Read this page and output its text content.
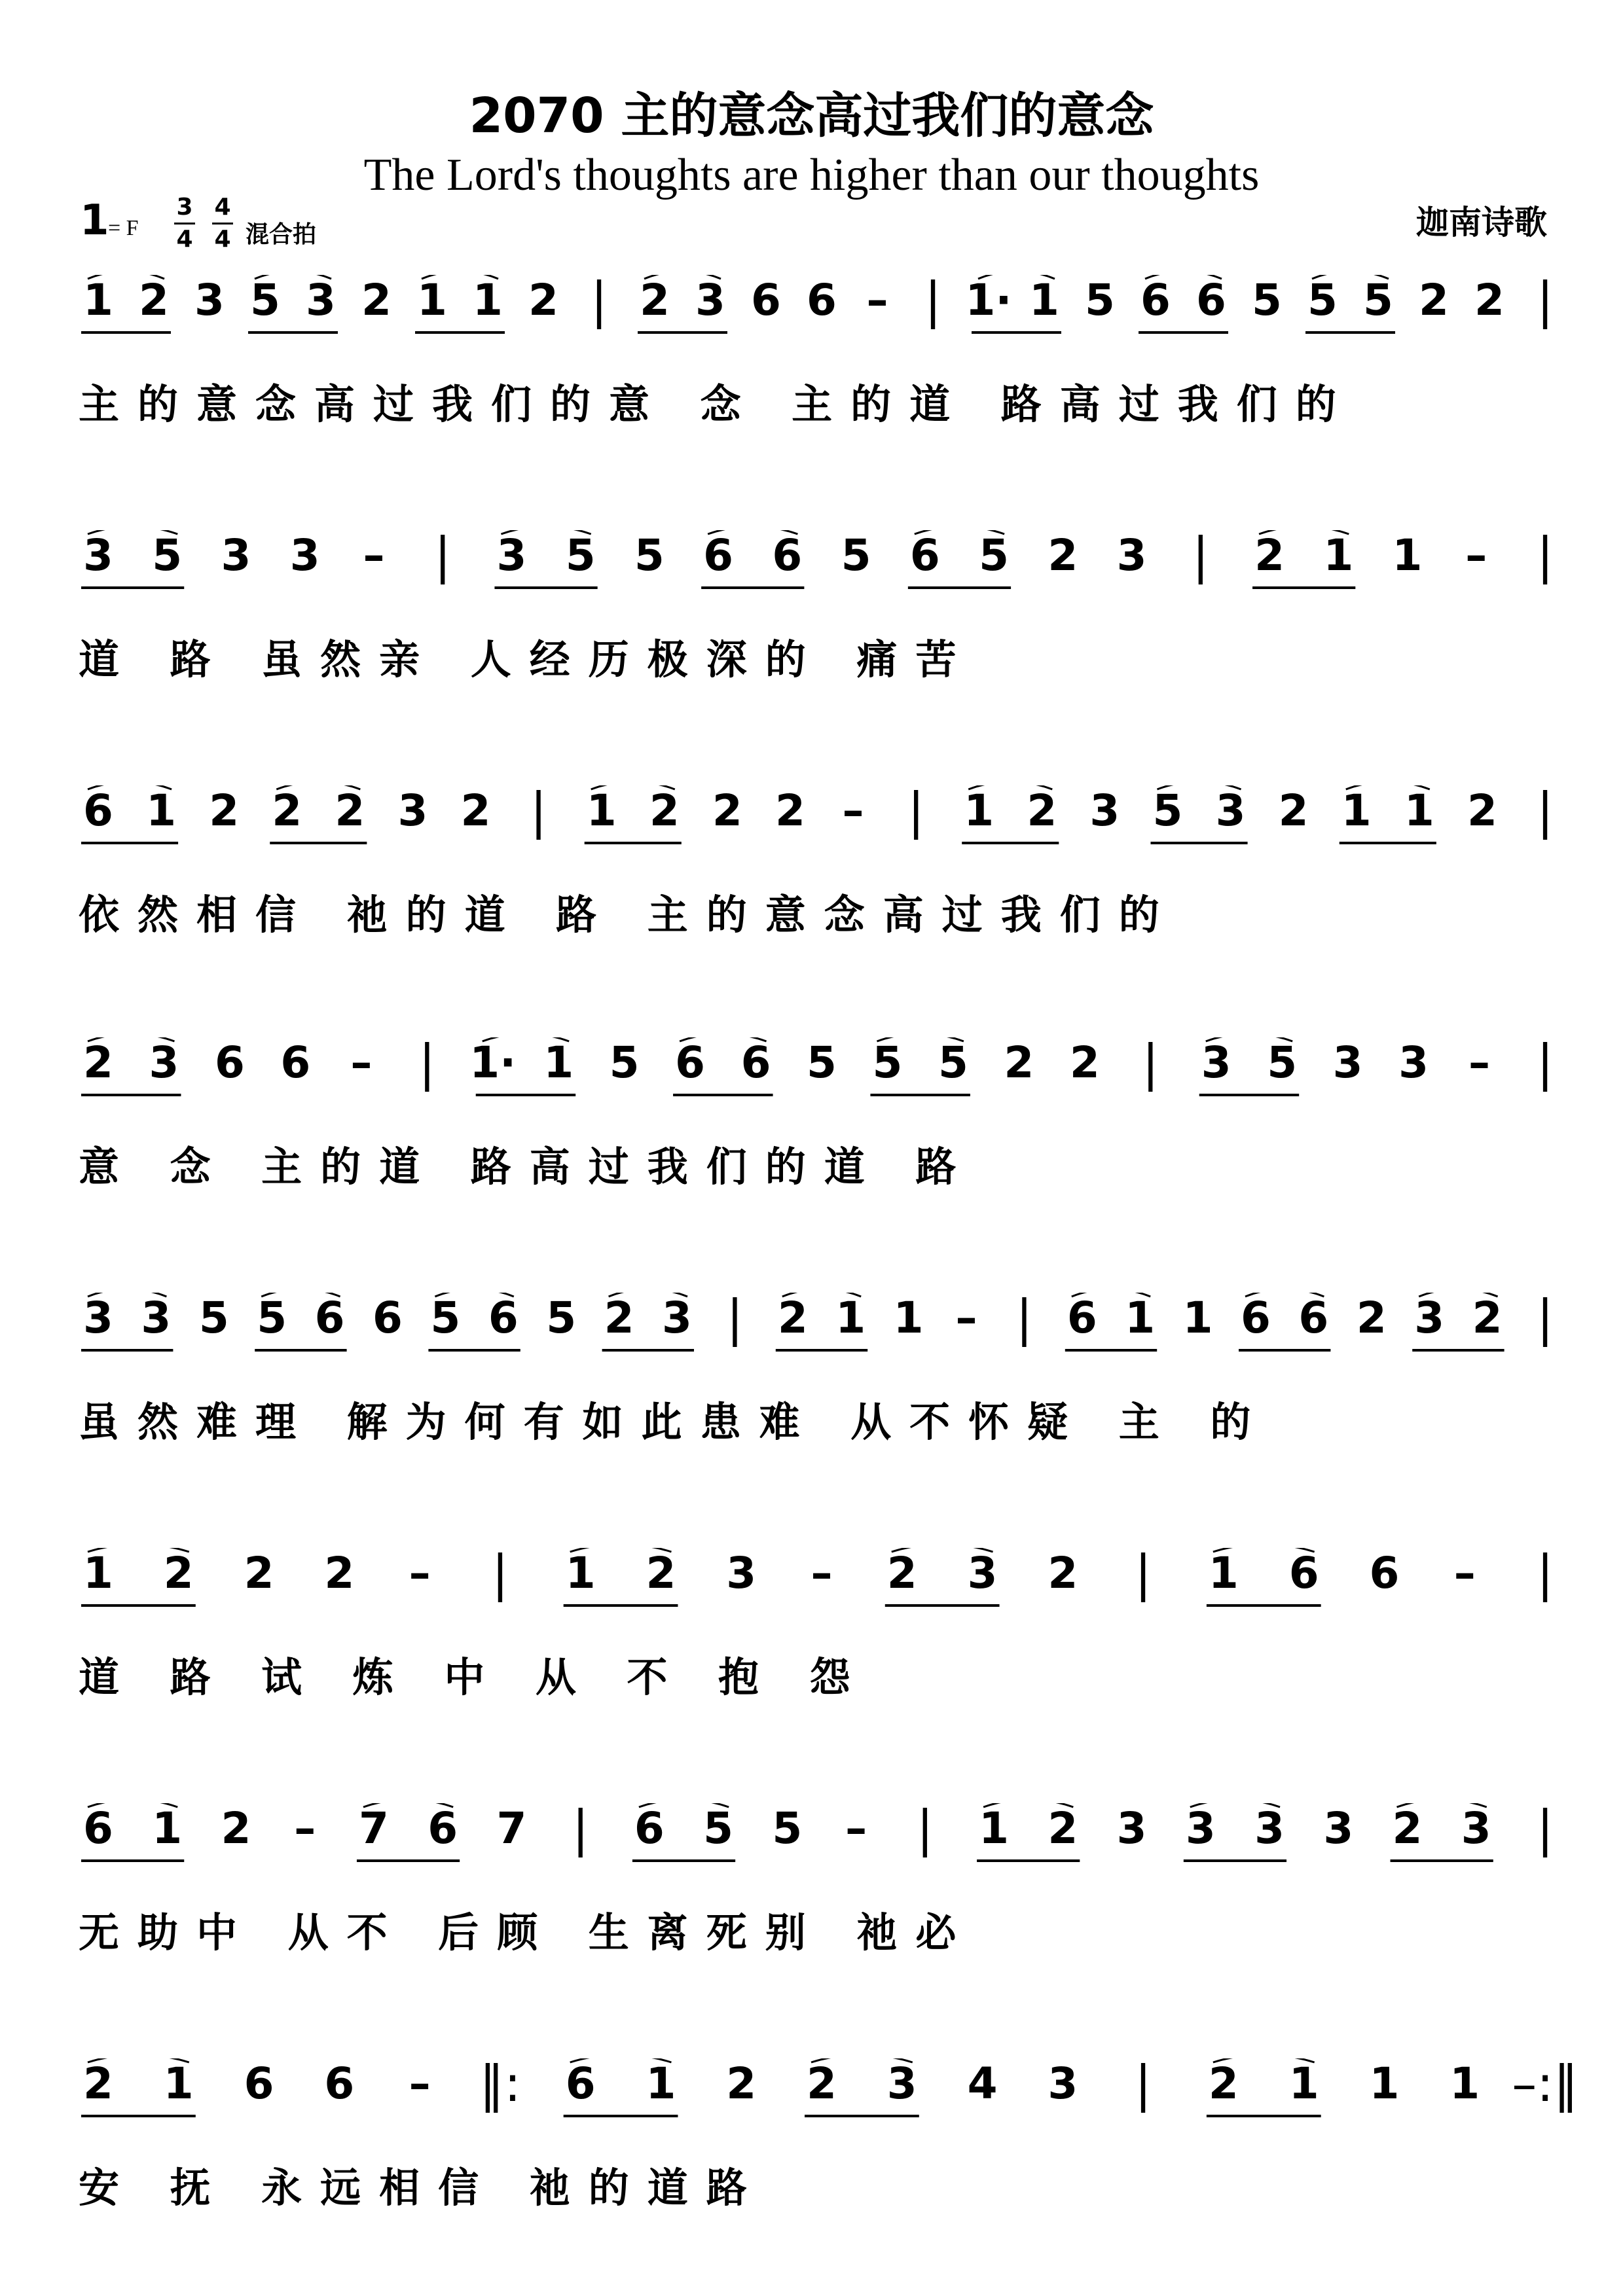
2070 主的意念高过我们的意念
The Lord's thoughts are higher than our thoughts
1
= F
3
4
4
4 混合拍	迦南诗歌
1 2 3 5 3 2 1 1 2 | 2 3 6 6 – | 1· 1 5 6 6 5 5 5 2 2 |
主的意念高过我们的意 念 主的道 路高过我们的
3 5 3 3 – | 3 5 5 6 6 5 6 5 2 3 | 2 1 1 – |
道 路 虽然亲 人经历极深的 痛苦
6 1 2 2 2 3 2 | 1 2 2 2 – | 1 2 3 5 3 2 1 1 2 |
依然相信 祂的道 路 主的意念高过我们的
2 3 6 6 – | 1· 1 5 6 6 5 5 5 2 2 | 3 5 3 3 – |
意 念 主的道 路高过我们的道 路
3 3 5 5 6 6 5 6 5 2 3 | 2 1 1 – | 6 1 1 6 6 2 3 2 |
虽然难理 解为何有如此患难 从不怀疑 主 的
1 2 2 2 – | 1 2 3 – 2 3 2 | 1 6 6 – |
道 路 试 炼 中 从 不 抱 怨
6 1 2 – 7 6 7 | 6 5 5 – | 1 2 3 3 3 3 2 3 |
无助中 从不 后顾 生离死别 祂必
2 1 6 6 – ‖: 6 1 2 2 3 4 3 | 2 1 1 1 –:‖
安 抚 永远相信 祂的道路
